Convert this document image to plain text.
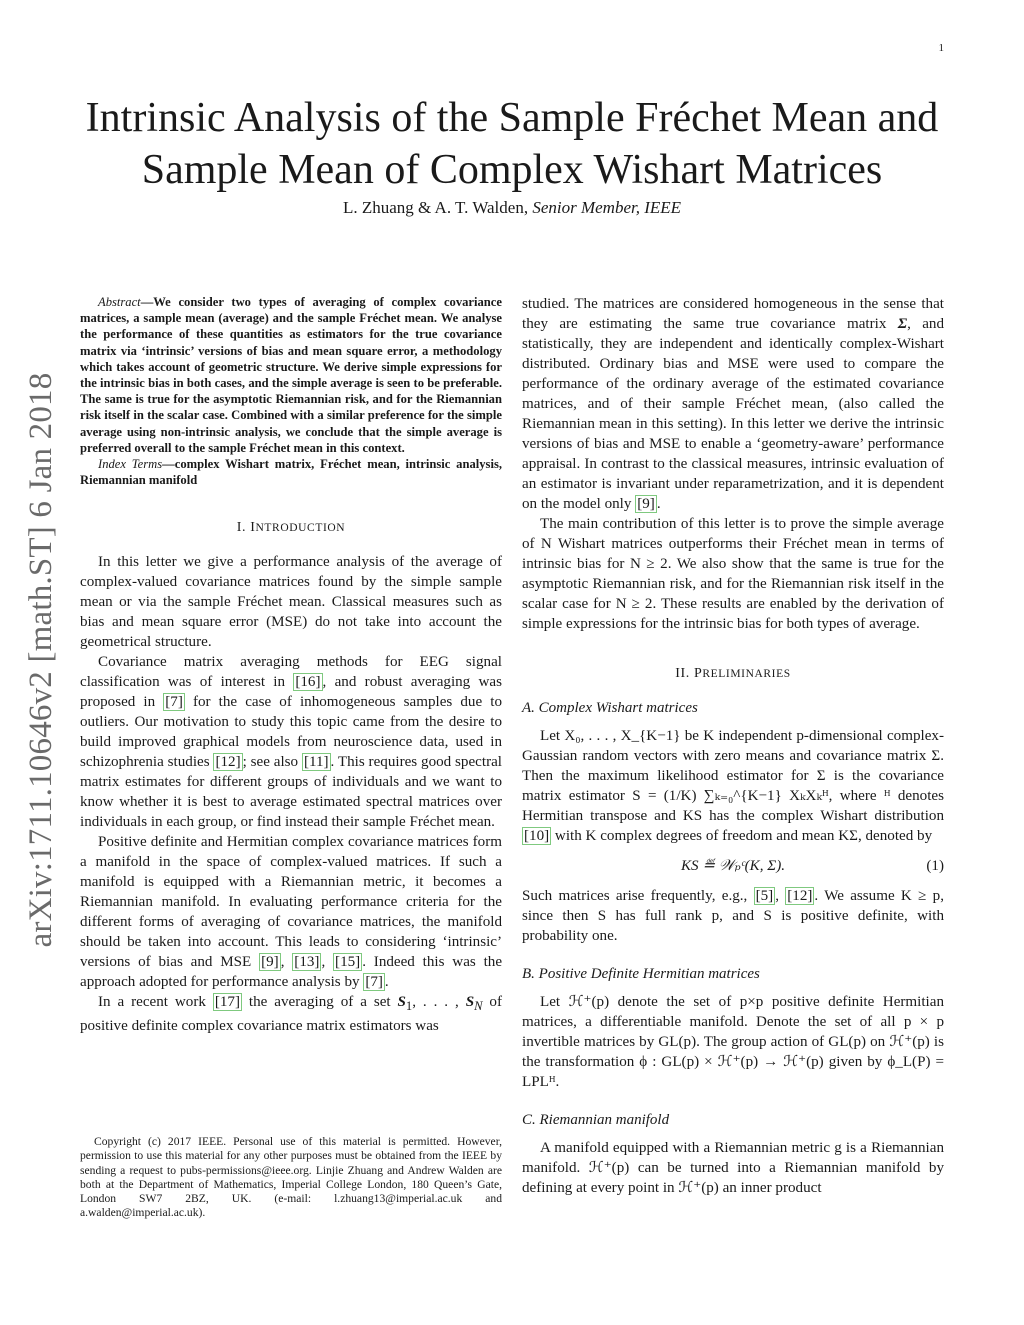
1
arXiv:1711.10646v2 [math.ST] 6 Jan 2018
Intrinsic Analysis of the Sample Fréchet Mean and
Sample Mean of Complex Wishart Matrices
L. Zhuang & A. T. Walden, Senior Member, IEEE

Abstract—We consider two types of averaging of complex covariance matrices, a sample mean (average) and the sample Fréchet mean. We analyse the performance of these quantities as estimators for the true covariance matrix via ‘intrinsic’ versions of bias and mean square error, a methodology which takes account of geometric structure. We derive simple expressions for the intrinsic bias in both cases, and the simple average is seen to be preferable. The same is true for the asymptotic Riemannian risk, and for the Riemannian risk itself in the scalar case. Combined with a similar preference for the simple average using non-intrinsic analysis, we conclude that the simple average is preferred overall to the sample Fréchet mean in this context.

Index Terms—complex Wishart matrix, Fréchet mean, intrinsic analysis, Riemannian manifold

I. INTRODUCTION

In this letter we give a performance analysis of the average of complex-valued covariance matrices found by the simple sample mean or via the sample Fréchet mean. Classical measures such as bias and mean square error (MSE) do not take into account the geometrical structure.

Covariance matrix averaging methods for EEG signal classification was of interest in [16] , and robust averaging was proposed in [7] for the case of inhomogeneous samples due to outliers. Our motivation to study this topic came from the desire to build improved graphical models from neuroscience data, used in schizophrenia studies [12] ; see also [11] . This requires good spectral matrix estimates for different groups of individuals and we want to know whether it is best to average estimated spectral matrices over individuals in each group, or find instead their sample Fréchet mean.

Positive definite and Hermitian complex covariance matrices form a manifold in the space of complex-valued matrices. If such a manifold is equipped with a Riemannian metric, it becomes a Riemannian manifold. In evaluating performance criteria for the different forms of averaging of covariance matrices, the manifold should be taken into account. This leads to considering ‘intrinsic’ versions of bias and MSE [9] , [13] , [15] . Indeed this was the approach adopted for performance analysis by [7] .

In a recent work [17] the averaging of a set $S_1$, . . . , $S_N$ of positive definite complex covariance matrix estimators was

Copyright (c) 2017 IEEE. Personal use of this material is permitted. However, permission to use this material for any other purposes must be obtained from the IEEE by sending a request to pubs-permissions@ieee.org. Linjie Zhuang and Andrew Walden are both at the Department of Mathematics, Imperial College London, 180 Queen’s Gate, London SW7 2BZ, UK. (e-mail: l.zhuang13@imperial.ac.uk and a.walden@imperial.ac.uk).

studied. The matrices are considered homogeneous in the sense that they are estimating the same true covariance matrix Σ, and statistically, they are independent and identically complex-Wishart distributed. Ordinary bias and MSE were used to compare the performance of the ordinary average of the estimated covariance matrices, and of their sample Fréchet mean, (also called the Riemannian mean in this setting). In this letter we derive the intrinsic versions of bias and MSE to enable a ‘geometry-aware’ performance appraisal. In contrast to the classical measures, intrinsic evaluation of an estimator is invariant under reparametrization, and it is dependent on the model only [9] .

The main contribution of this letter is to prove the simple average of N Wishart matrices outperforms their Fréchet mean in terms of intrinsic bias for N ≥ 2. We also show that the same is true for the asymptotic Riemannian risk, and for the Riemannian risk itself in the scalar case for N ≥ 2. These results are enabled by the derivation of simple expressions for the intrinsic bias for both types of average.

II. PRELIMINARIES
A. Complex Wishart matrices

Let X₀, . . . , X_{K−1} be K independent p-dimensional complex-Gaussian random vectors with zero means and covariance matrix Σ. Then the maximum likelihood estimator for Σ is the covariance matrix estimator S = (1/K) ∑ₖ₌₀^{K−1} XₖXₖᴴ, where ᴴ denotes Hermitian transpose and KS has the complex Wishart distribution [10] with K complex degrees of freedom and mean KΣ, denoted by

KS ≝ 𝒲ₚᶜ(K, Σ).	(1)

Such matrices arise frequently, e.g., [5] , [12] . We assume K ≥ p, since then S has full rank p, and S is positive definite, with probability one.

B. Positive Definite Hermitian matrices

Let ℋ⁺(p) denote the set of p×p positive definite Hermitian matrices, a differentiable manifold. Denote the set of all p × p invertible matrices by GL(p). The group action of GL(p) on ℋ⁺(p) is the transformation ϕ : GL(p) × ℋ⁺(p) → ℋ⁺(p) given by ϕ_L(P) = LPLᴴ.

C. Riemannian manifold

A manifold equipped with a Riemannian metric g is a Riemannian manifold. ℋ⁺(p) can be turned into a Riemannian manifold by defining at every point in ℋ⁺(p) an inner product
